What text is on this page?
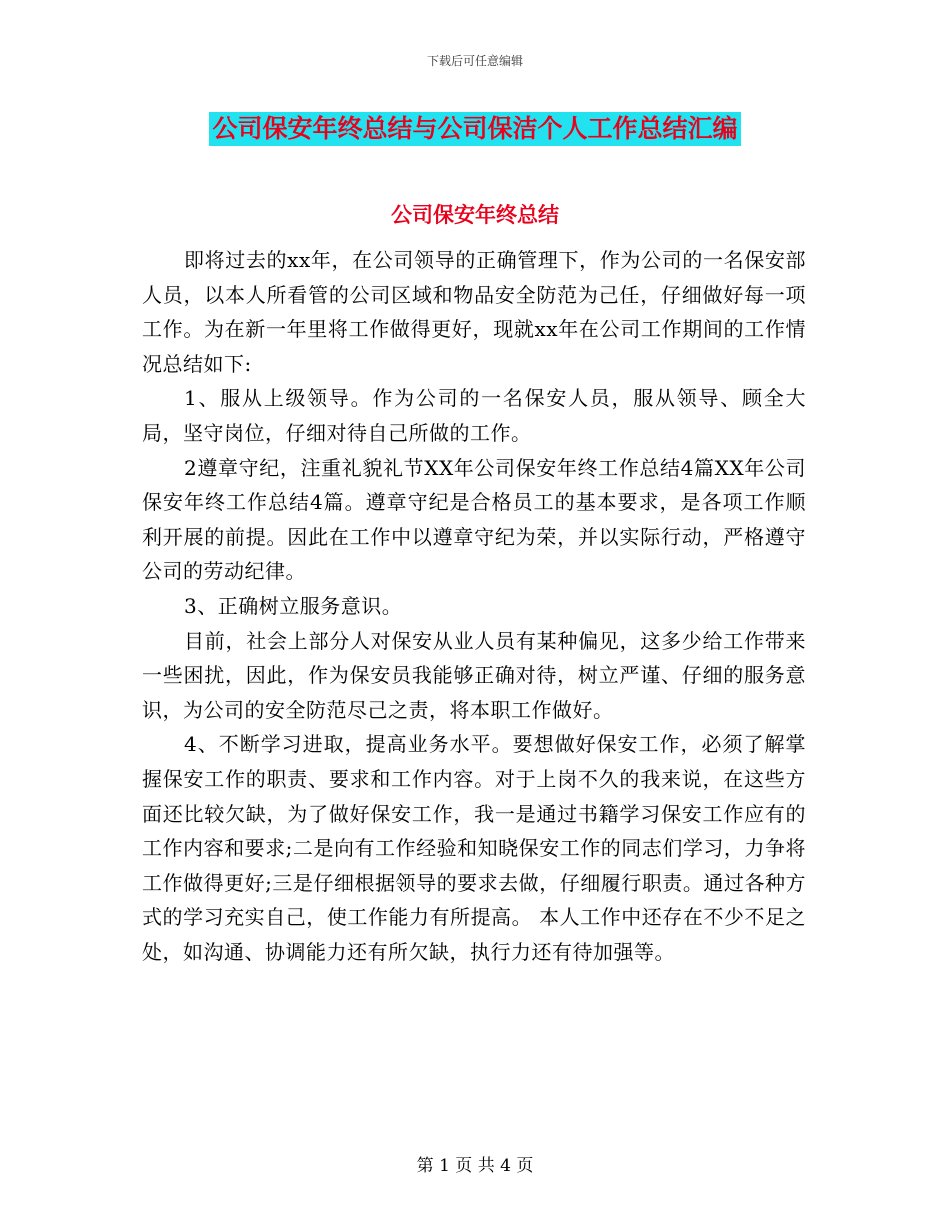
下载后可任意编辑
公司保安年终总结与公司保洁个人工作总结汇编
公司保安年终总结

即将过去的xx年，在公司领导的正确管理下，作为公司的一名保安部人员，以本人所看管的公司区域和物品安全防范为己任，仔细做好每一项工作。为在新一年里将工作做得更好，现就xx年在公司工作期间的工作情况总结如下:

1、服从上级领导。作为公司的一名保安人员，服从领导、顾全大局，坚守岗位，仔细对待自己所做的工作。

2遵章守纪，注重礼貌礼节XX年公司保安年终工作总结4篇XX年公司保安年终工作总结4篇。遵章守纪是合格员工的基本要求，是各项工作顺利开展的前提。因此在工作中以遵章守纪为荣，并以实际行动，严格遵守公司的劳动纪律。

3、正确树立服务意识。

目前，社会上部分人对保安从业人员有某种偏见，这多少给工作带来一些困扰，因此，作为保安员我能够正确对待，树立严谨、仔细的服务意识，为公司的安全防范尽己之责，将本职工作做好。

4、不断学习进取，提高业务水平。要想做好保安工作，必须了解掌握保安工作的职责、要求和工作内容。对于上岗不久的我来说，在这些方面还比较欠缺，为了做好保安工作，我一是通过书籍学习保安工作应有的工作内容和要求;二是向有工作经验和知晓保安工作的同志们学习，力争将工作做得更好;三是仔细根据领导的要求去做，仔细履行职责。通过各种方式的学习充实自己，使工作能力有所提高。 本人工作中还存在不少不足之处，如沟通、协调能力还有所欠缺，执行力还有待加强等。

第 1 页 共 4 页
